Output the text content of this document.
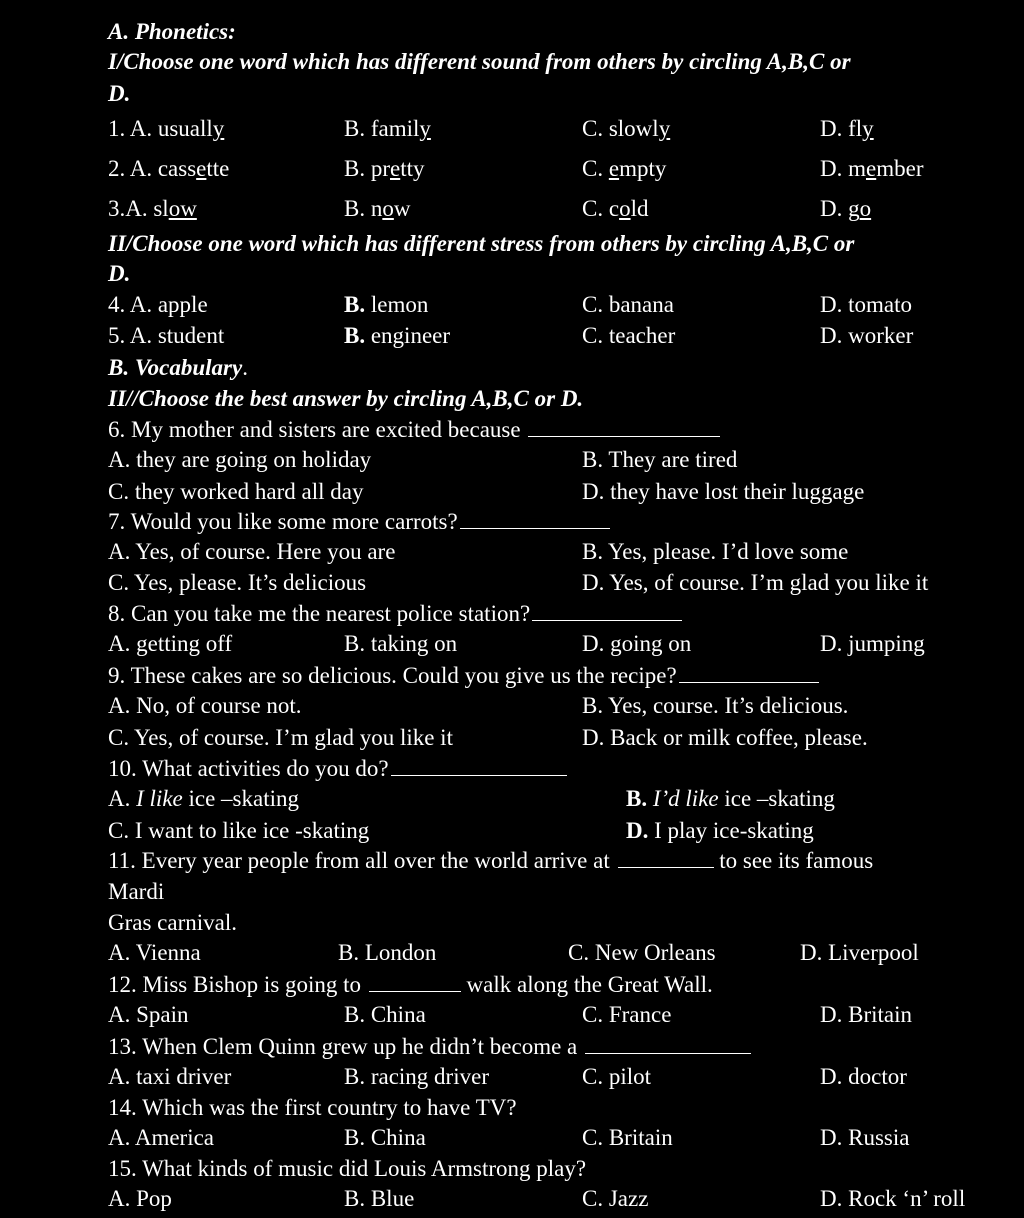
A. Phonetics:
I/Choose one word which has different sound from others by circling A,B,C or
D.
1. A. usually	B. family	C. slowly	D. fly
2. A. cassette	B. pretty	C. empty	D. member
3.A. slow	B. now	C. cold	D. go
II/Choose one word which has different stress from others by circling A,B,C or
D.
4. A. apple	B. lemon	C. banana	D. tomato
5. A. student	B. engineer	C. teacher	D. worker
B. Vocabulary.
II//Choose the best answer by circling A,B,C or D.
6. My mother and sisters are excited because
A. they are going on holiday	B. They are tired
C. they worked hard all day	D. they have lost their luggage
7. Would you like some more carrots?
A. Yes, of course. Here you are	B. Yes, please. I’d love some
C. Yes, please. It’s delicious	D. Yes, of course. I’m glad you like it
8. Can you take me the nearest police station?
A. getting off	B. taking on	D. going on	D. jumping
9. These cakes are so delicious. Could you give us the recipe?
A. No, of course not.	B. Yes, course. It’s delicious.
C. Yes, of course. I’m glad you like it	D. Back or milk coffee, please.
10. What activities do you do?
A. I like ice –skating	B. I’d like ice –skating
C. I want to like ice -skating	D. I play ice-skating
11. Every year people from all over the world arrive at	to see its famous
Mardi
Gras carnival.
A. Vienna	B. London	C. New Orleans	D. Liverpool
12. Miss Bishop is going to	walk along the Great Wall.
A. Spain	B. China	C. France	D. Britain
13. When Clem Quinn grew up he didn’t become a
A. taxi driver	B. racing driver	C. pilot	D. doctor
14. Which was the first country to have TV?
A. America	B. China	C. Britain	D. Russia
15. What kinds of music did Louis Armstrong play?
A. Pop	B. Blue	C. Jazz	D. Rock ‘n’ roll
